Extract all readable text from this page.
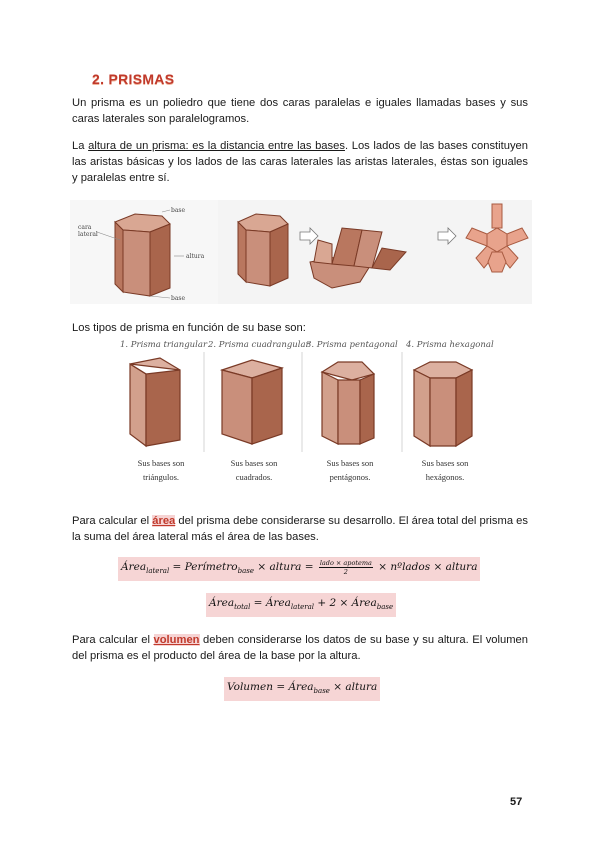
2. PRISMAS
Un prisma es un poliedro que tiene dos caras paralelas e iguales llamadas bases y sus caras laterales son paralelogramos.
La altura de un prisma: es la distancia entre las bases. Los lados de las bases constituyen las aristas básicas y los lados de las caras laterales las aristas laterales, éstas son iguales y paralelas entre sí.
base
cara
lateral
altura
base
Los tipos de prisma en función de su base son:
1. Prisma triangular 2. Prisma cuadrangular
3. Prisma pentagonal 4. Prisma hexagonal
Sus bases son
triángulos.
Sus bases son
cuadrados.
Sus bases son
pentágonos.
Sus bases son
hexágonos.
Para calcular el área del prisma debe considerarse su desarrollo. El área total del prisma es la suma del área lateral más el área de las bases.
Área$_{lateral}$ = Perímetro$_{base}$ × altura = $\frac{\text{lado × apotema}}{2}$ × nºlados × altura
Área$_{total}$ = Área$_{lateral}$ + 2 × Área$_{base}$
Para calcular el volumen deben considerarse los datos de su base y su altura. El volumen del prisma es el producto del área de la base por la altura.
Volumen = Área$_{base}$ × altura
57
